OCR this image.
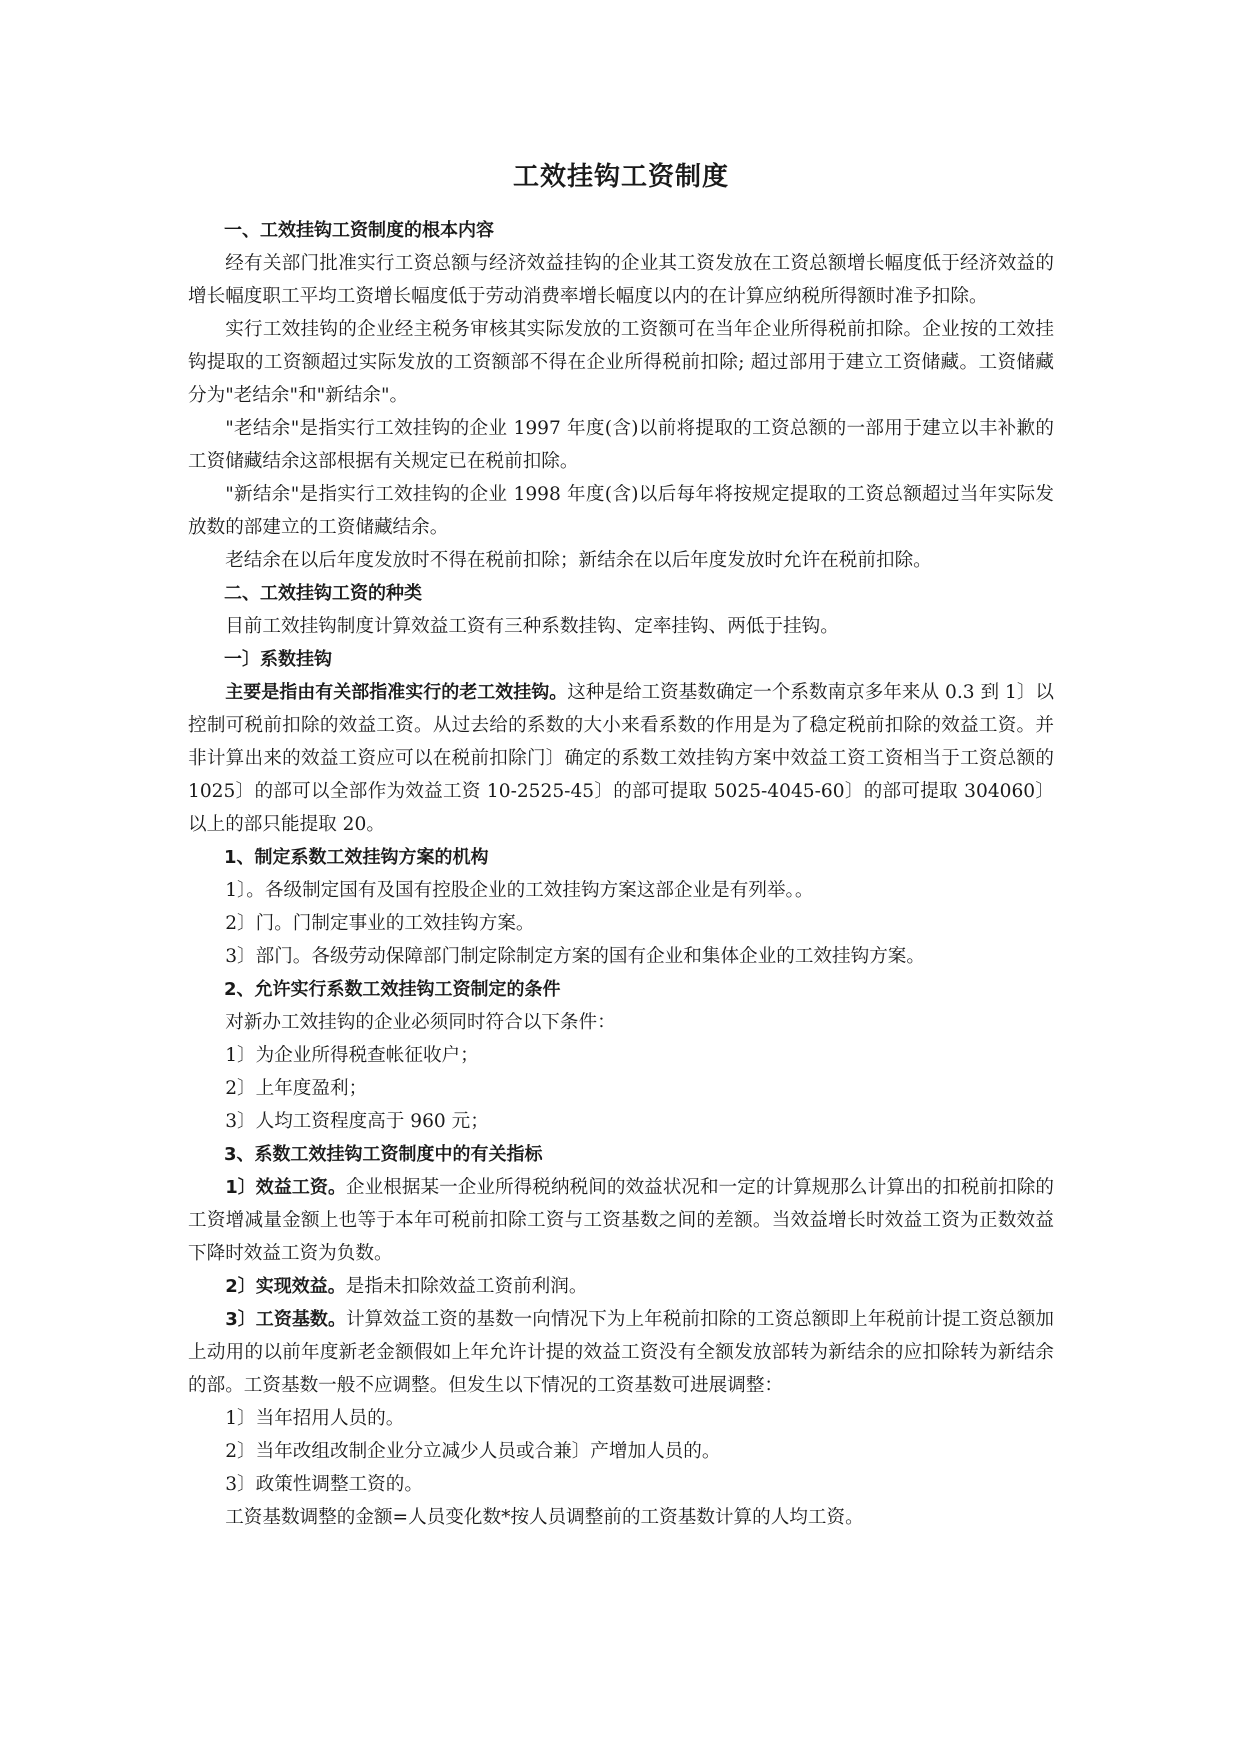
工效挂钩工资制度

一、工效挂钩工资制度的根本内容

经有关部门批准实行工资总额与经济效益挂钩的企业其工资发放在工资总额增长幅度低于经济效益的增长幅度职工平均工资增长幅度低于劳动消费率增长幅度以内的在计算应纳税所得额时准予扣除。

实行工效挂钩的企业经主税务审核其实际发放的工资额可在当年企业所得税前扣除。企业按的工效挂钩提取的工资额超过实际发放的工资额部不得在企业所得税前扣除; 超过部用于建立工资储藏。工资储藏分为"老结余"和"新结余"。

"老结余"是指实行工效挂钩的企业 1997 年度(含)以前将提取的工资总额的一部用于建立以丰补歉的工资储藏结余这部根据有关规定已在税前扣除。

"新结余"是指实行工效挂钩的企业 1998 年度(含)以后每年将按规定提取的工资总额超过当年实际发放数的部建立的工资储藏结余。

老结余在以后年度发放时不得在税前扣除；新结余在以后年度发放时允许在税前扣除。

二、工效挂钩工资的种类

目前工效挂钩制度计算效益工资有三种系数挂钩、定率挂钩、两低于挂钩。

一〕系数挂钩

主要是指由有关部指准实行的老工效挂钩。这种是给工资基数确定一个系数南京多年来从 0.3 到 1〕以控制可税前扣除的效益工资。从过去给的系数的大小来看系数的作用是为了稳定税前扣除的效益工资。并非计算出来的效益工资应可以在税前扣除门〕确定的系数工效挂钩方案中效益工资工资相当于工资总额的 1025〕的部可以全部作为效益工资 10-2525-45〕的部可提取 5025-4045-60〕的部可提取 304060〕以上的部只能提取 20。

1、制定系数工效挂钩方案的机构

1〕。各级制定国有及国有控股企业的工效挂钩方案这部企业是有列举。。

2〕门。门制定事业的工效挂钩方案。

3〕部门。各级劳动保障部门制定除制定方案的国有企业和集体企业的工效挂钩方案。

2、允许实行系数工效挂钩工资制定的条件

对新办工效挂钩的企业必须同时符合以下条件：

1〕为企业所得税查帐征收户；

2〕上年度盈利；

3〕人均工资程度高于 960 元；

3、系数工效挂钩工资制度中的有关指标

1〕效益工资。企业根据某一企业所得税纳税间的效益状况和一定的计算规那么计算出的扣税前扣除的工资增减量金额上也等于本年可税前扣除工资与工资基数之间的差额。当效益增长时效益工资为正数效益下降时效益工资为负数。

2〕实现效益。是指未扣除效益工资前利润。

3〕工资基数。计算效益工资的基数一向情况下为上年税前扣除的工资总额即上年税前计提工资总额加上动用的以前年度新老金额假如上年允许计提的效益工资没有全额发放部转为新结余的应扣除转为新结余的部。工资基数一般不应调整。但发生以下情况的工资基数可进展调整：

1〕当年招用人员的。

2〕当年改组改制企业分立减少人员或合兼〕产增加人员的。

3〕政策性调整工资的。

工资基数调整的金额=人员变化数*按人员调整前的工资基数计算的人均工资。
